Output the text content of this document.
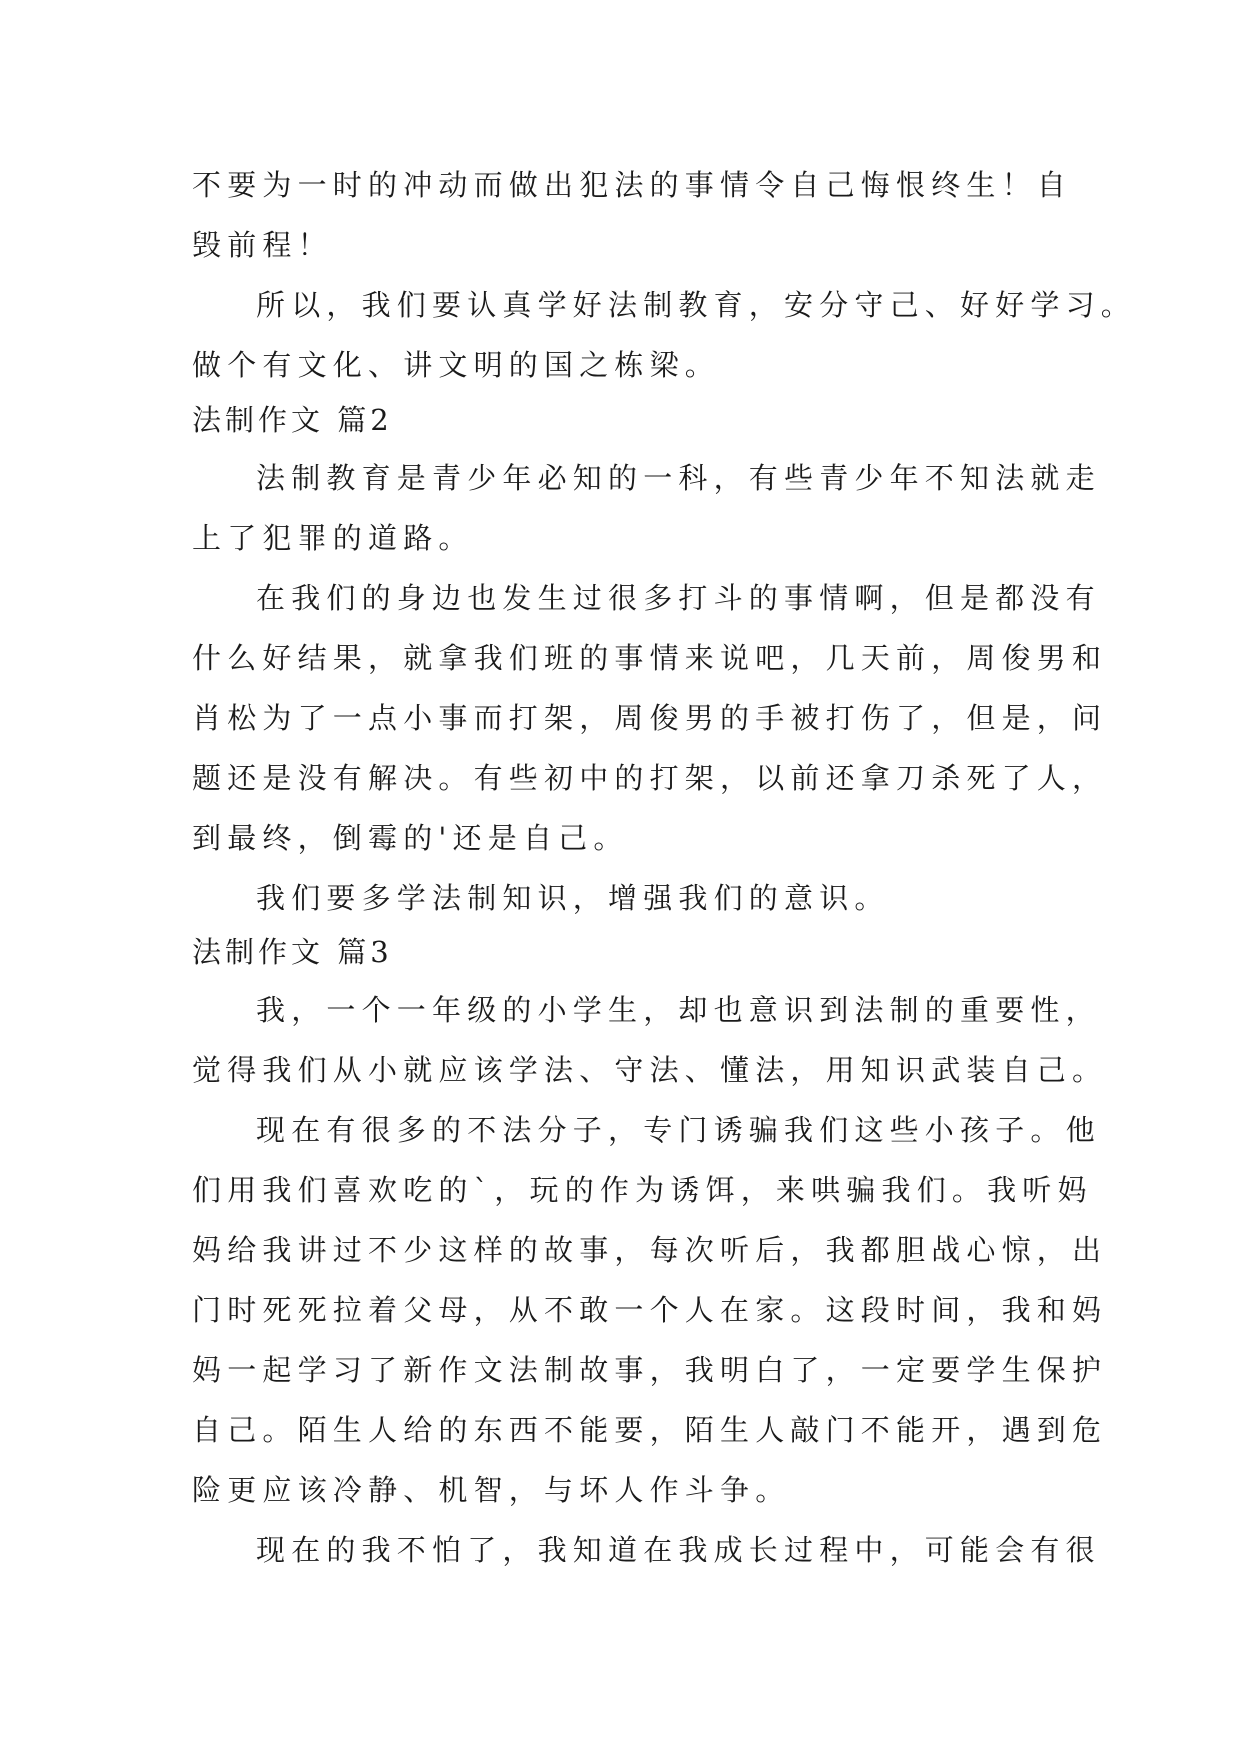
不要为一时的冲动而做出犯法的事情令自己悔恨终生！自
毁前程！
所以，我们要认真学好法制教育，安分守己、好好学习。
做个有文化、讲文明的国之栋梁。
法制作文 篇2
法制教育是青少年必知的一科，有些青少年不知法就走
上了犯罪的道路。
在我们的身边也发生过很多打斗的事情啊，但是都没有
什么好结果，就拿我们班的事情来说吧，几天前，周俊男和
肖松为了一点小事而打架，周俊男的手被打伤了，但是，问
题还是没有解决。有些初中的打架，以前还拿刀杀死了人，
到最终，倒霉的'还是自己。
我们要多学法制知识，增强我们的意识。
法制作文 篇3
我，一个一年级的小学生，却也意识到法制的重要性，
觉得我们从小就应该学法、守法、懂法，用知识武装自己。
现在有很多的不法分子，专门诱骗我们这些小孩子。他
们用我们喜欢吃的`，玩的作为诱饵，来哄骗我们。我听妈
妈给我讲过不少这样的故事，每次听后，我都胆战心惊，出
门时死死拉着父母，从不敢一个人在家。这段时间，我和妈
妈一起学习了新作文法制故事，我明白了，一定要学生保护
自己。陌生人给的东西不能要，陌生人敲门不能开，遇到危
险更应该冷静、机智，与坏人作斗争。
现在的我不怕了，我知道在我成长过程中，可能会有很
